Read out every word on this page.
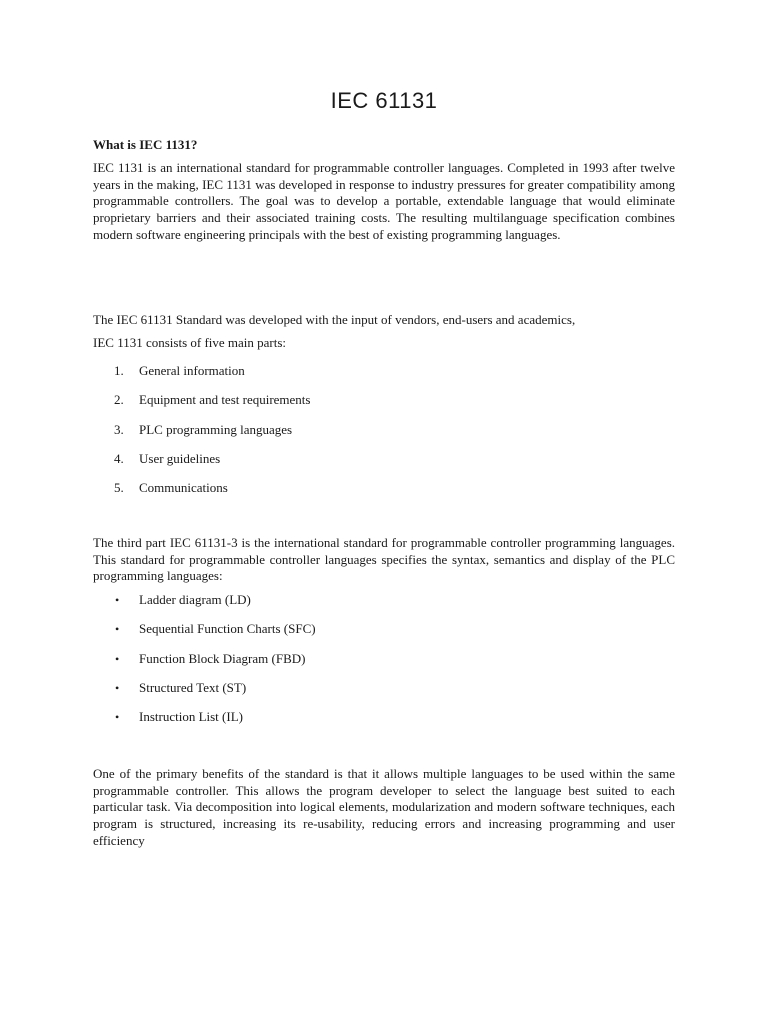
IEC 61131
What is IEC 1131?
IEC 1131 is an international standard for programmable controller languages. Completed in 1993 after twelve years in the making, IEC 1131 was developed in response to industry pressures for greater compatibility among programmable controllers. The goal was to develop a portable, extendable language that would eliminate proprietary barriers and their associated training costs. The resulting multilanguage specification combines modern software engineering principals with the best of existing programming languages.
The IEC 61131 Standard was developed with the input of vendors, end-users and academics,
IEC 1131 consists of five main parts:
1. General information
2. Equipment and test requirements
3. PLC programming languages
4. User guidelines
5. Communications
The third part IEC 61131-3 is the international standard for programmable controller programming languages. This standard for programmable controller languages specifies the syntax, semantics and display of the PLC programming languages:
• Ladder diagram (LD)
• Sequential Function Charts (SFC)
• Function Block Diagram (FBD)
• Structured Text (ST)
• Instruction List (IL)
One of the primary benefits of the standard is that it allows multiple languages to be used within the same programmable controller. This allows the program developer to select the language best suited to each particular task. Via decomposition into logical elements, modularization and modern software techniques, each program is structured, increasing its re-usability, reducing errors and increasing programming and user efficiency
